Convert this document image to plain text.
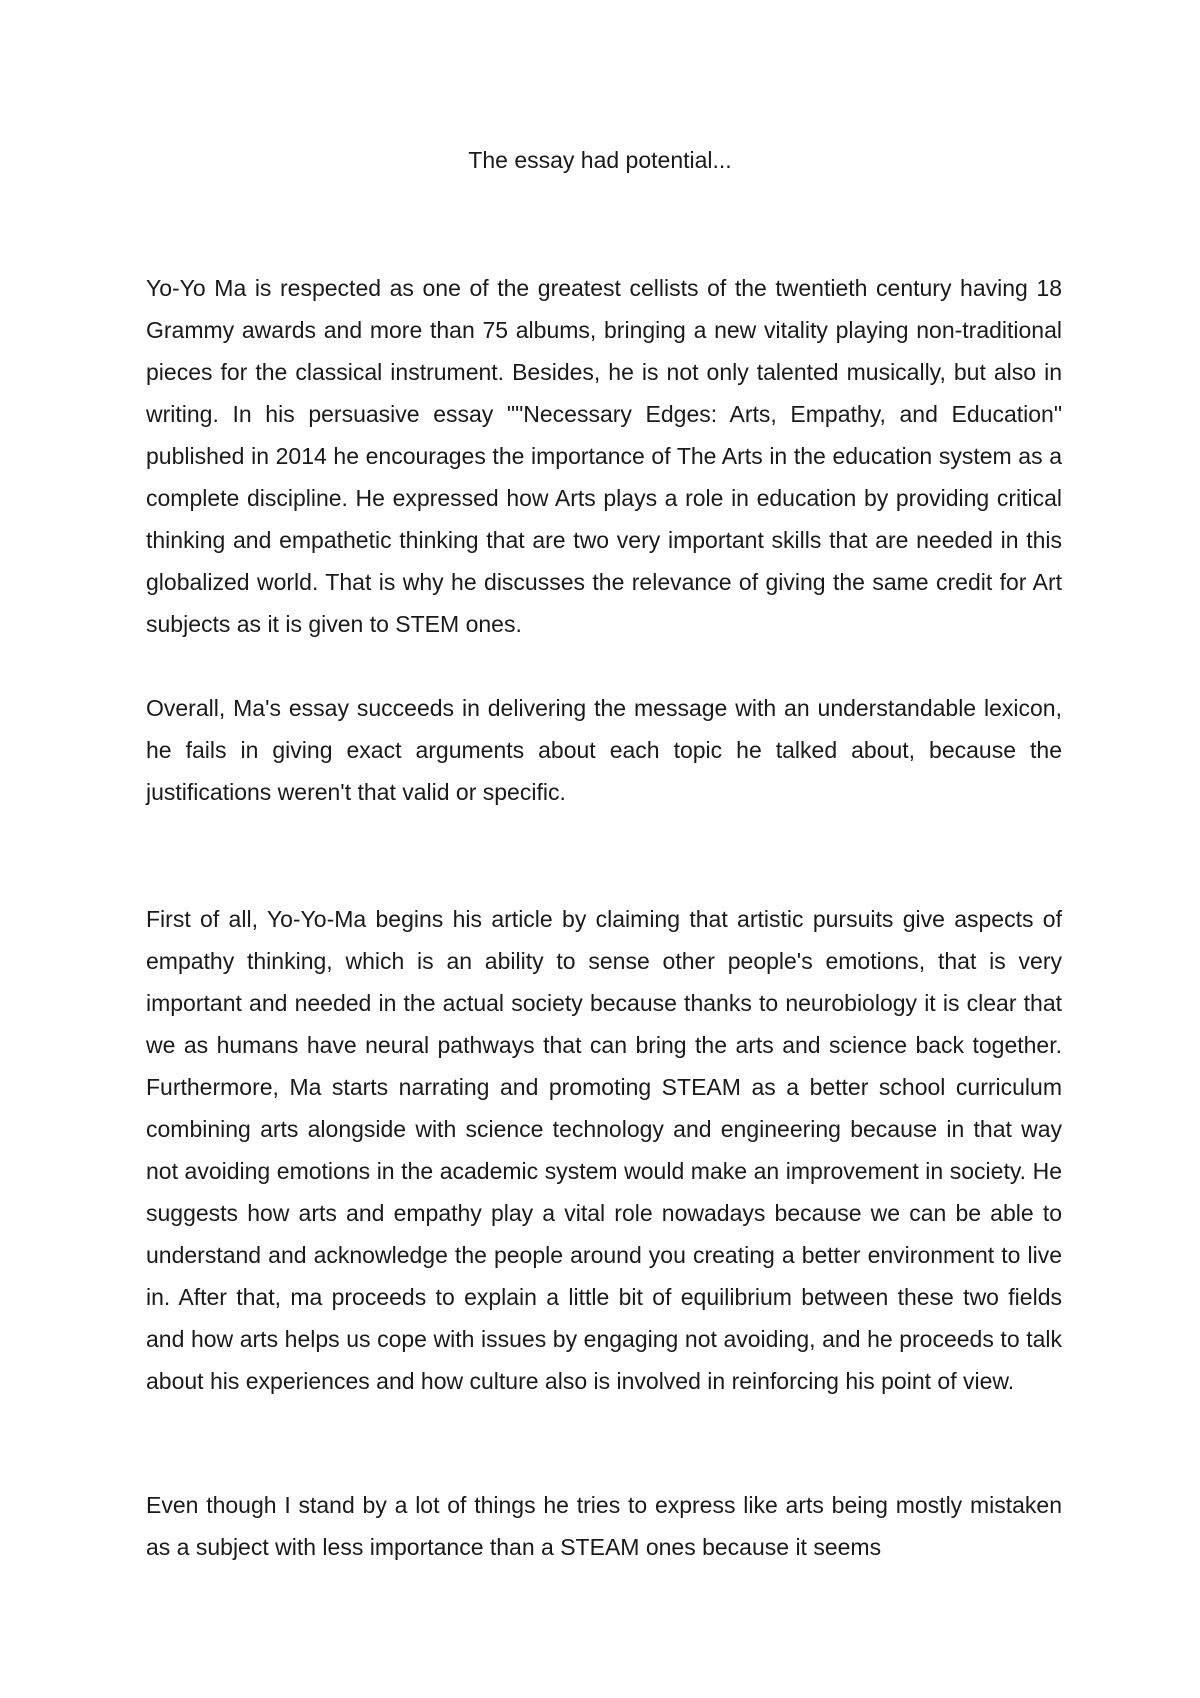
The essay had potential...

Yo-Yo Ma is respected as one of the greatest cellists of the twentieth century having 18 Grammy awards and more than 75 albums, bringing a new vitality playing non-traditional pieces for the classical instrument. Besides, he is not only talented musically, but also in writing. In his persuasive essay ""Necessary Edges: Arts, Empathy, and Education" published in 2014 he encourages the importance of The Arts in the education system as a complete discipline. He expressed how Arts plays a role in education by providing critical thinking and empathetic thinking that are two very important skills that are needed in this globalized world. That is why he discusses the relevance of giving the same credit for Art subjects as it is given to STEM ones.

Overall, Ma's essay succeeds in delivering the message with an understandable lexicon, he fails in giving exact arguments about each topic he talked about, because the justifications weren't that valid or specific.

First of all, Yo-Yo-Ma begins his article by claiming that artistic pursuits give aspects of empathy thinking, which is an ability to sense other people's emotions, that is very important and needed in the actual society because thanks to neurobiology it is clear that we as humans have neural pathways that can bring the arts and science back together. Furthermore, Ma starts narrating and promoting STEAM as a better school curriculum combining arts alongside with science technology and engineering because in that way not avoiding emotions in the academic system would make an improvement in society. He suggests how arts and empathy play a vital role nowadays because we can be able to understand and acknowledge the people around you creating a better environment to live in. After that, ma proceeds to explain a little bit of equilibrium between these two fields and how arts helps us cope with issues by engaging not avoiding, and he proceeds to talk about his experiences and how culture also is involved in reinforcing his point of view.

Even though I stand by a lot of things he tries to express like arts being mostly mistaken as a subject with less importance than a STEAM ones because it seems
